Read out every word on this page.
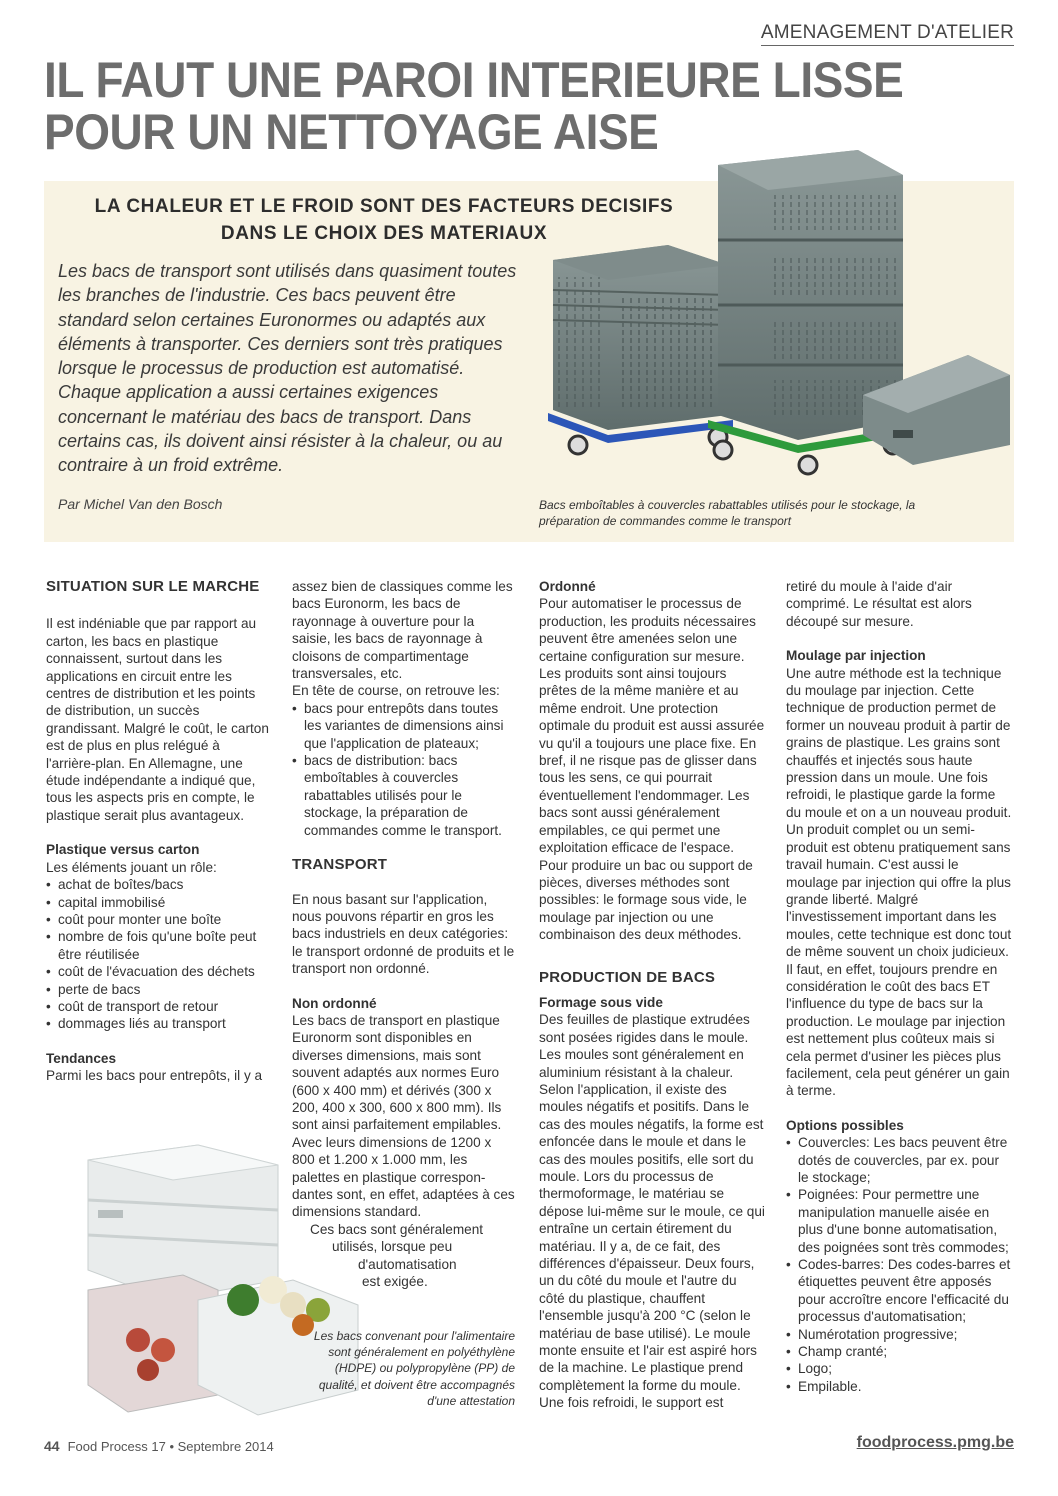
AMENAGEMENT D'ATELIER
IL FAUT UNE PAROI INTERIEURE LISSE
POUR UN NETTOYAGE AISE
LA CHALEUR ET LE FROID SONT DES FACTEURS DECISIFS
DANS LE CHOIX DES MATERIAUX
Les bacs de transport sont utilisés dans quasiment toutes les branches de l'industrie. Ces bacs peuvent être standard selon certaines Euronormes ou adaptés aux éléments à transporter. Ces derniers sont très pratiques lorsque le processus de production est automatisé. Chaque application a aussi certaines exigences concernant le matériau des bacs de transport. Dans certains cas, ils doivent ainsi résister à la chaleur, ou au contraire à un froid extrême.
Par Michel Van den Bosch	Bacs emboîtables à couvercles rabattables utilisés pour le stockage, la préparation de commandes comme le transport

SITUATION SUR LE MARCHE

Il est indéniable que par rapport au carton, les bacs en plastique connaissent, surtout dans les applications en circuit entre les centres de distribution et les points de distribution, un succès grandissant. Malgré le coût, le carton est de plus en plus relégué à l'arrière-plan. En Allemagne, une étude indépendante a indiqué que, tous les aspects pris en compte, le plastique serait plus avantageux.

Plastique versus carton

Les éléments jouant un rôle:

• achat de boîtes/bacs
• capital immobilisé
• coût pour monter une boîte
• nombre de fois qu'une boîte peut être réutilisée
• coût de l'évacuation des déchets
• perte de bacs
• coût de transport de retour
• dommages liés au transport

Tendances

Parmi les bacs pour entrepôts, il y a

assez bien de classiques comme les bacs Euronorm, les bacs de rayonnage à ouverture pour la saisie, les bacs de rayonnage à cloisons de compartimentage transversales, etc.

En tête de course, on retrouve les:

• bacs pour entrepôts dans toutes les variantes de dimensions ainsi que l'application de plateaux;
• bacs de distribution: bacs emboîtables à couvercles rabattables utilisés pour le stockage, la préparation de commandes comme le transport.

TRANSPORT

En nous basant sur l'application, nous pouvons répartir en gros les bacs industriels en deux catégories: le transport ordonné de produits et le transport non ordonné.

Non ordonné

Les bacs de transport en plastique Euronorm sont disponibles en diverses dimensions, mais sont souvent adaptés aux normes Euro (600 x 400 mm) et dérivés (300 x 200, 400 x 300, 600 x 800 mm). Ils sont ainsi parfaitement empilables.

Avec leurs dimensions de 1200 x 800 et 1.200 x 1.000 mm, les palettes en plastique correspon-dantes sont, en effet, adaptées à ces dimensions standard.

Ces bacs sont généralement

utilisés, lorsque peu

d'automatisation

est exigée.

Ordonné

Pour automatiser le processus de production, les produits nécessaires peuvent être amenées selon une certaine configuration sur mesure. Les produits sont ainsi toujours prêtes de la même manière et au même endroit. Une protection optimale du produit est aussi assurée vu qu'il a toujours une place fixe. En bref, il ne risque pas de glisser dans tous les sens, ce qui pourrait éventuellement l'endommager. Les bacs sont aussi généralement empilables, ce qui permet une exploitation efficace de l'espace. Pour produire un bac ou support de pièces, diverses méthodes sont possibles: le formage sous vide, le moulage par injection ou une combinaison des deux méthodes.

PRODUCTION DE BACS

Formage sous vide

Des feuilles de plastique extrudées sont posées rigides dans le moule. Les moules sont généralement en aluminium résistant à la chaleur. Selon l'application, il existe des moules négatifs et positifs. Dans le cas des moules négatifs, la forme est enfoncée dans le moule et dans le cas des moules positifs, elle sort du moule. Lors du processus de thermoformage, le matériau se dépose lui-même sur le moule, ce qui entraîne un certain étirement du matériau. Il y a, de ce fait, des différences d'épaisseur. Deux fours, un du côté du moule et l'autre du côté du plastique, chauffent l'ensemble jusqu'à 200 °C (selon le matériau de base utilisé). Le moule monte ensuite et l'air est aspiré hors de la machine. Le plastique prend complètement la forme du moule. Une fois refroidi, le support est

retiré du moule à l'aide d'air comprimé. Le résultat est alors découpé sur mesure.

Moulage par injection

Une autre méthode est la technique du moulage par injection. Cette technique de production permet de former un nouveau produit à partir de grains de plastique. Les grains sont chauffés et injectés sous haute pression dans un moule. Une fois refroidi, le plastique garde la forme du moule et on a un nouveau produit. Un produit complet ou un semi-produit est obtenu pratiquement sans travail humain. C'est aussi le moulage par injection qui offre la plus grande liberté. Malgré l'investissement important dans les moules, cette technique est donc tout de même souvent un choix judicieux. Il faut, en effet, toujours prendre en considération le coût des bacs ET l'influence du type de bacs sur la production. Le moulage par injection est nettement plus coûteux mais si cela permet d'usiner les pièces plus facilement, cela peut générer un gain à terme.

Options possibles

• Couvercles: Les bacs peuvent être dotés de couvercles, par ex. pour le stockage;
• Poignées: Pour permettre une manipulation manuelle aisée en plus d'une bonne automatisation, des poignées sont très commodes;
• Codes-barres: Des codes-barres et étiquettes peuvent être apposés pour accroître encore l'efficacité du processus d'automatisation;
• Numérotation progressive;
• Champ cranté;
• Logo;
• Empilable.
Les bacs convenant pour l'alimentaire sont généralement en polyéthylène (HDPE) ou polypropylène (PP) de qualité, et doivent être accompagnés d'une attestation
44 Food Process 17 • Septembre 2014	foodprocess.pmg.be
